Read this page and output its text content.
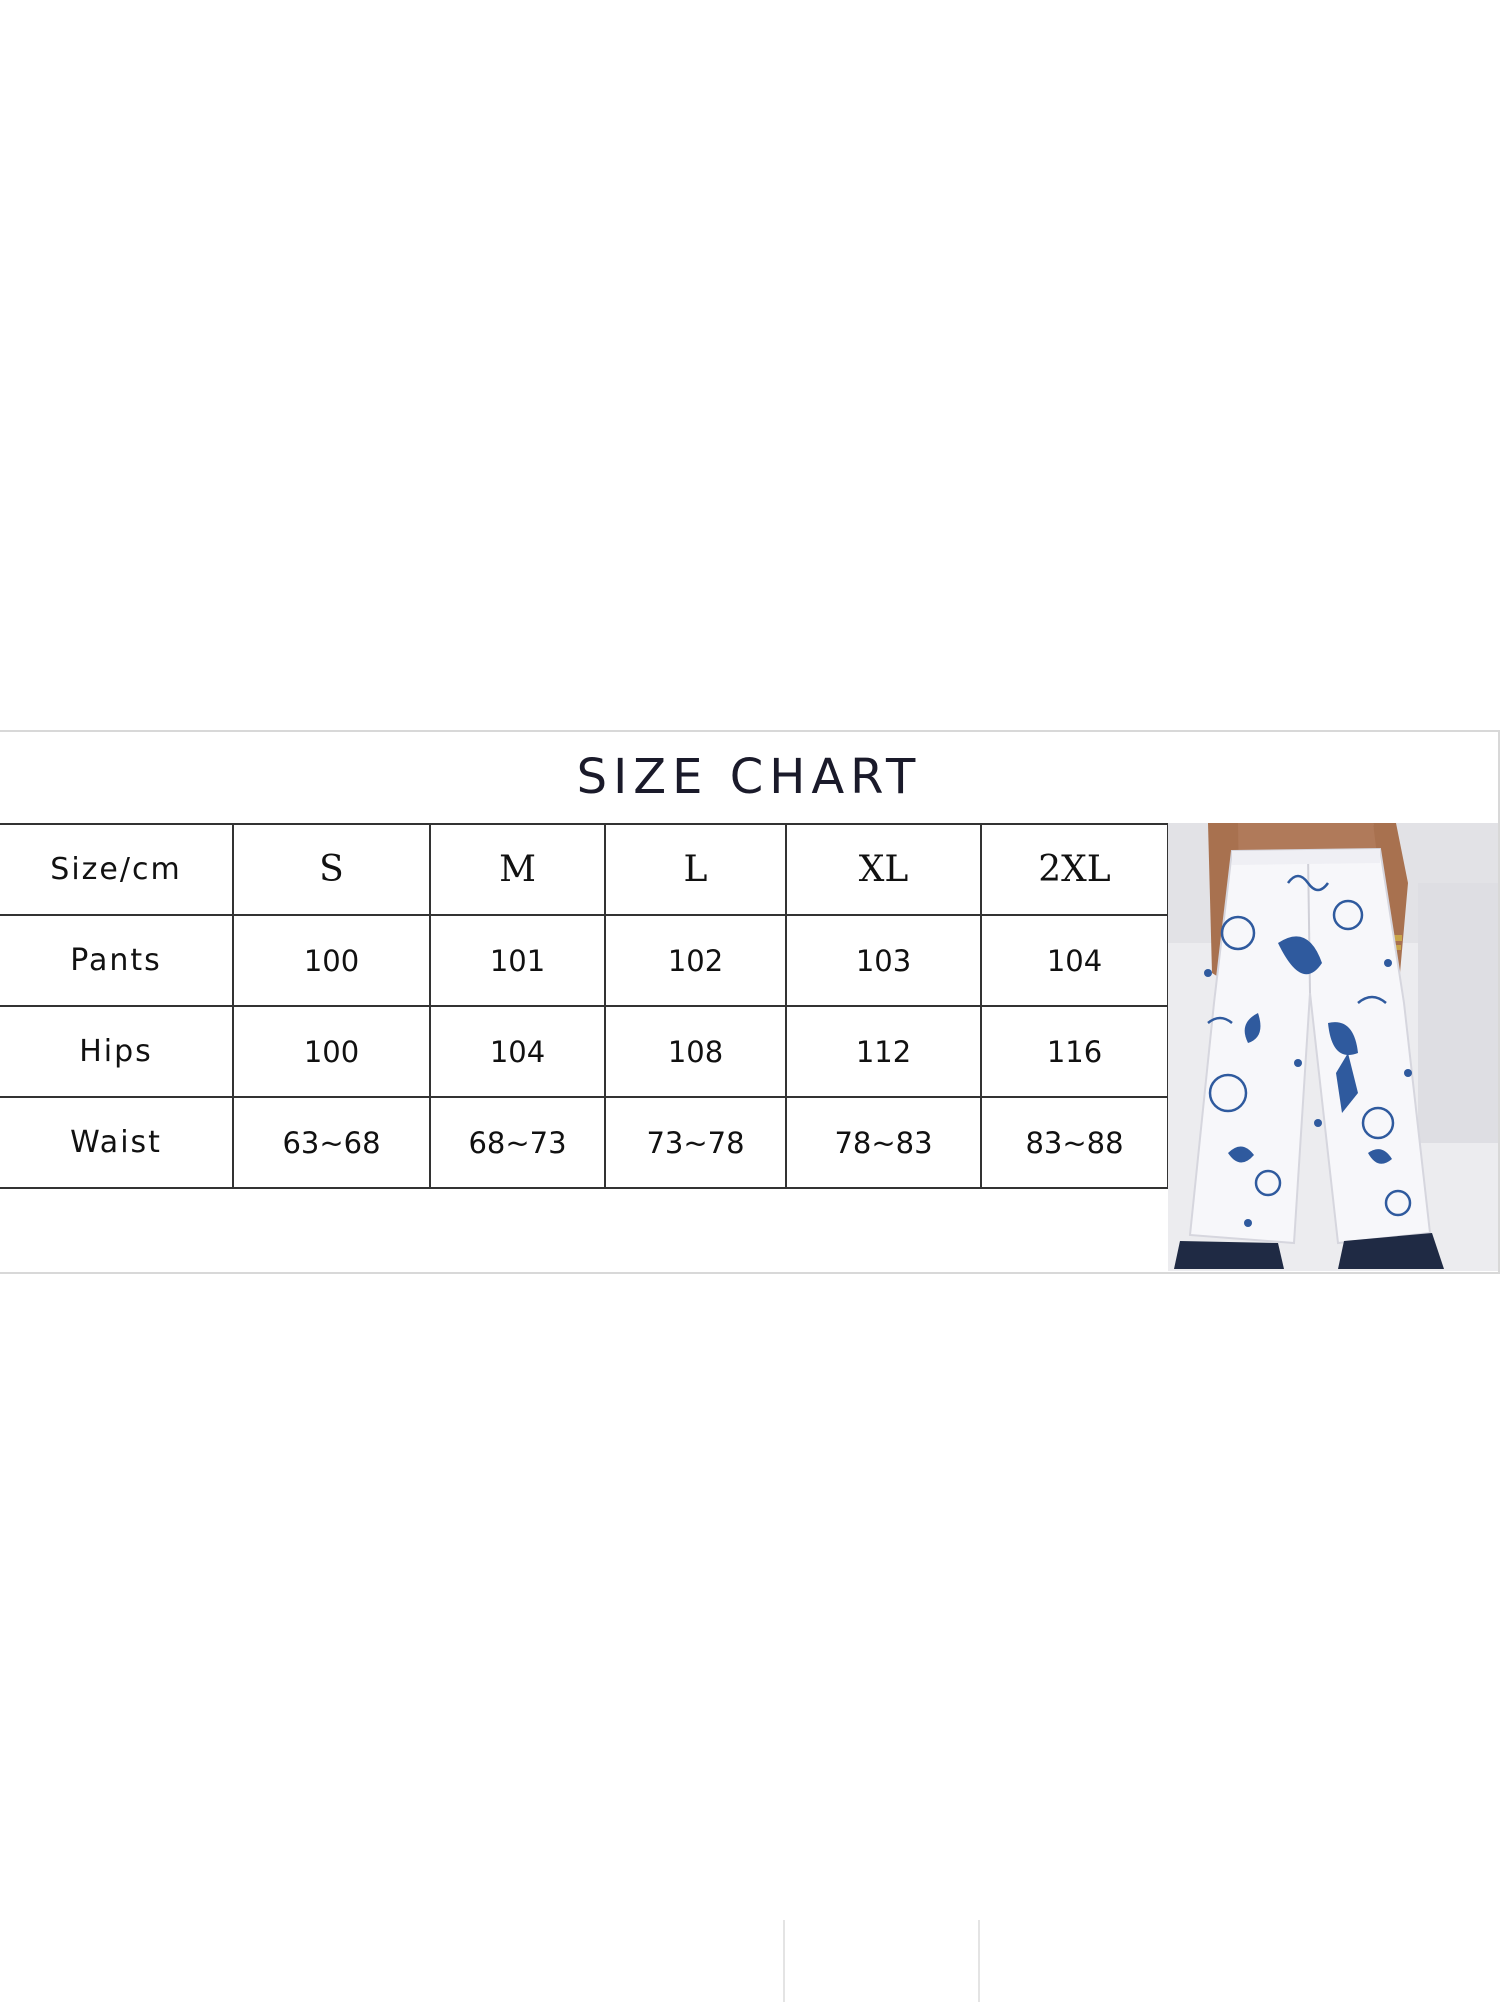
SIZE CHART
Size/cm	S	M	L	XL	2XL
Pants	100	101	102	103	104
Hips	100	104	108	112	116
Waist	63~68	68~73	73~78	78~83	83~88
